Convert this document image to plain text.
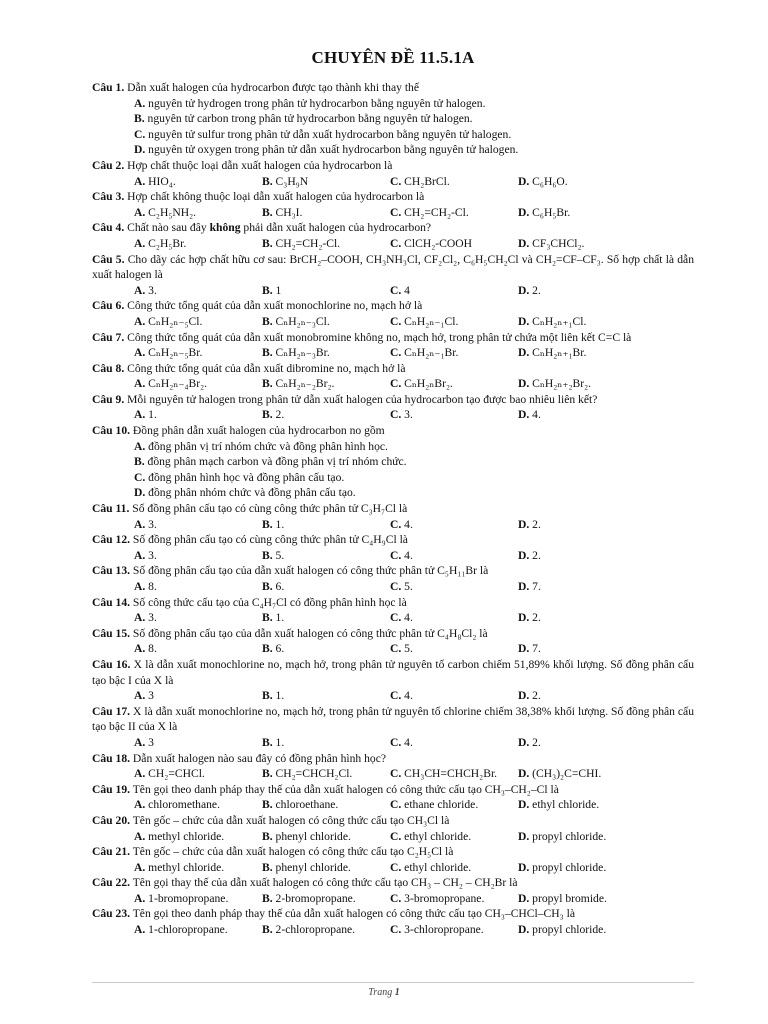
CHUYÊN ĐỀ 11.5.1A
Câu 1. Dẫn xuất halogen của hydrocarbon được tạo thành khi thay thế
A. nguyên tử hydrogen trong phân tử hydrocarbon bằng nguyên tử halogen.
B. nguyên tử carbon trong phân tử hydrocarbon bằng nguyên tử halogen.
C. nguyên tử sulfur trong phân tử dẫn xuất hydrocarbon bằng nguyên tử halogen.
D. nguyên tử oxygen trong phân tử dẫn xuất hydrocarbon bằng nguyên tử halogen.
Câu 2. Hợp chất thuộc loại dẫn xuất halogen của hydrocarbon là
A. HIO₄.	B. C₃H₉N	C. CH₂BrCl.	D. C₆H₆O.
Câu 3. Hợp chất không thuộc loại dẫn xuất halogen của hydrocarbon là
A. C₂H₅NH₂.	B. CH₃I.	C. CH₂=CH₂-Cl.	D. C₆H₅Br.
Câu 4. Chất nào sau đây không phải dẫn xuất halogen của hydrocarbon?
A. C₂H₅Br.	B. CH₂=CH₂-Cl.	C. ClCH₂-COOH	D. CF₃CHCl₂.
Câu 5. Cho dãy các hợp chất hữu cơ sau: BrCH₂–COOH, CH₃NH₃Cl, CF₂Cl₂, C₆H₅CH₂Cl và CH₂=CF–CF₃. Số hợp chất là dẫn xuất halogen là
A. 3.	B. 1	C. 4	D. 2.
Câu 6. Công thức tổng quát của dẫn xuất monochlorine no, mạch hở là
A. CₙH₂ₙ₋₅Cl.	B. CₙH₂ₙ₋₃Cl.	C. CₙH₂ₙ₋₁Cl.	D. CₙH₂ₙ₊₁Cl.
Câu 7. Công thức tổng quát của dẫn xuất monobromine không no, mạch hở, trong phân tử chứa một liên kết C=C là
A. CₙH₂ₙ₋₅Br.	B. CₙH₂ₙ₋₃Br.	C. CₙH₂ₙ₋₁Br.	D. CₙH₂ₙ₊₁Br.
Câu 8. Công thức tổng quát của dẫn xuất dibromine no, mạch hở là
A. CₙH₂ₙ₋₄Br₂.	B. CₙH₂ₙ₋₂Br₂.	C. CₙH₂ₙBr₂.	D. CₙH₂ₙ₊₂Br₂.
Câu 9. Mỗi nguyên tử halogen trong phân tử dẫn xuất halogen của hydrocarbon tạo được bao nhiêu liên kết?
A. 1.	B. 2.	C. 3.	D. 4.
Câu 10. Đồng phân dẫn xuất halogen của hydrocarbon no gồm
A. đồng phân vị trí nhóm chức và đồng phân hình học.
B. đồng phân mạch carbon và đồng phân vị trí nhóm chức.
C. đồng phân hình học và đồng phân cấu tạo.
D. đồng phân nhóm chức và đồng phân cấu tạo.
Câu 11. Số đồng phân cấu tạo có cùng công thức phân tử C₃H₇Cl là
A. 3.	B. 1.	C. 4.	D. 2.
Câu 12. Số đồng phân cấu tạo có cùng công thức phân tử C₄H₉Cl là
A. 3.	B. 5.	C. 4.	D. 2.
Câu 13. Số đồng phân cấu tạo của dẫn xuất halogen có công thức phân tử C₅H₁₁Br là
A. 8.	B. 6.	C. 5.	D. 7.
Câu 14. Số công thức cấu tạo của C₄H₇Cl có đồng phân hình học là
A. 3.	B. 1.	C. 4.	D. 2.
Câu 15. Số đồng phân cấu tạo của dẫn xuất halogen có công thức phân tử C₄H₈Cl₂ là
A. 8.	B. 6.	C. 5.	D. 7.
Câu 16. X là dẫn xuất monochlorine no, mạch hở, trong phân tử nguyên tố carbon chiếm 51,89% khối lượng. Số đồng phân cấu tạo bậc I của X là
A. 3	B. 1.	C. 4.	D. 2.
Câu 17. X là dẫn xuất monochlorine no, mạch hở, trong phân tử nguyên tố chlorine chiếm 38,38% khối lượng. Số đồng phân cấu tạo bậc II của X là
A. 3	B. 1.	C. 4.	D. 2.
Câu 18. Dẫn xuất halogen nào sau đây có đồng phân hình học?
A. CH₂=CHCl.	B. CH₂=CHCH₂Cl.	C. CH₃CH=CHCH₂Br.	D. (CH₃)₂C=CHI.
Câu 19. Tên gọi theo danh pháp thay thế của dẫn xuất halogen có công thức cấu tạo CH₃–CH₂–Cl là
A. chloromethane.	B. chloroethane.	C. ethane chloride.	D. ethyl chloride.
Câu 20. Tên gốc – chức của dẫn xuất halogen có công thức cấu tạo CH₃Cl là
A. methyl chloride.	B. phenyl chloride.	C. ethyl chloride.	D. propyl chloride.
Câu 21. Tên gốc – chức của dẫn xuất halogen có công thức cấu tạo C₂H₅Cl là
A. methyl chloride.	B. phenyl chloride.	C. ethyl chloride.	D. propyl chloride.
Câu 22. Tên gọi thay thế của dẫn xuất halogen có công thức cấu tạo CH₃ – CH₂ – CH₂Br là
A. 1-bromopropane.	B. 2-bromopropane.	C. 3-bromopropane.	D. propyl bromide.
Câu 23. Tên gọi theo danh pháp thay thế của dẫn xuất halogen có công thức cấu tạo CH₃–CHCl–CH₃ là
A. 1-chloropropane.	B. 2-chloropropane.	C. 3-chloropropane.	D. propyl chloride.
Trang 1
